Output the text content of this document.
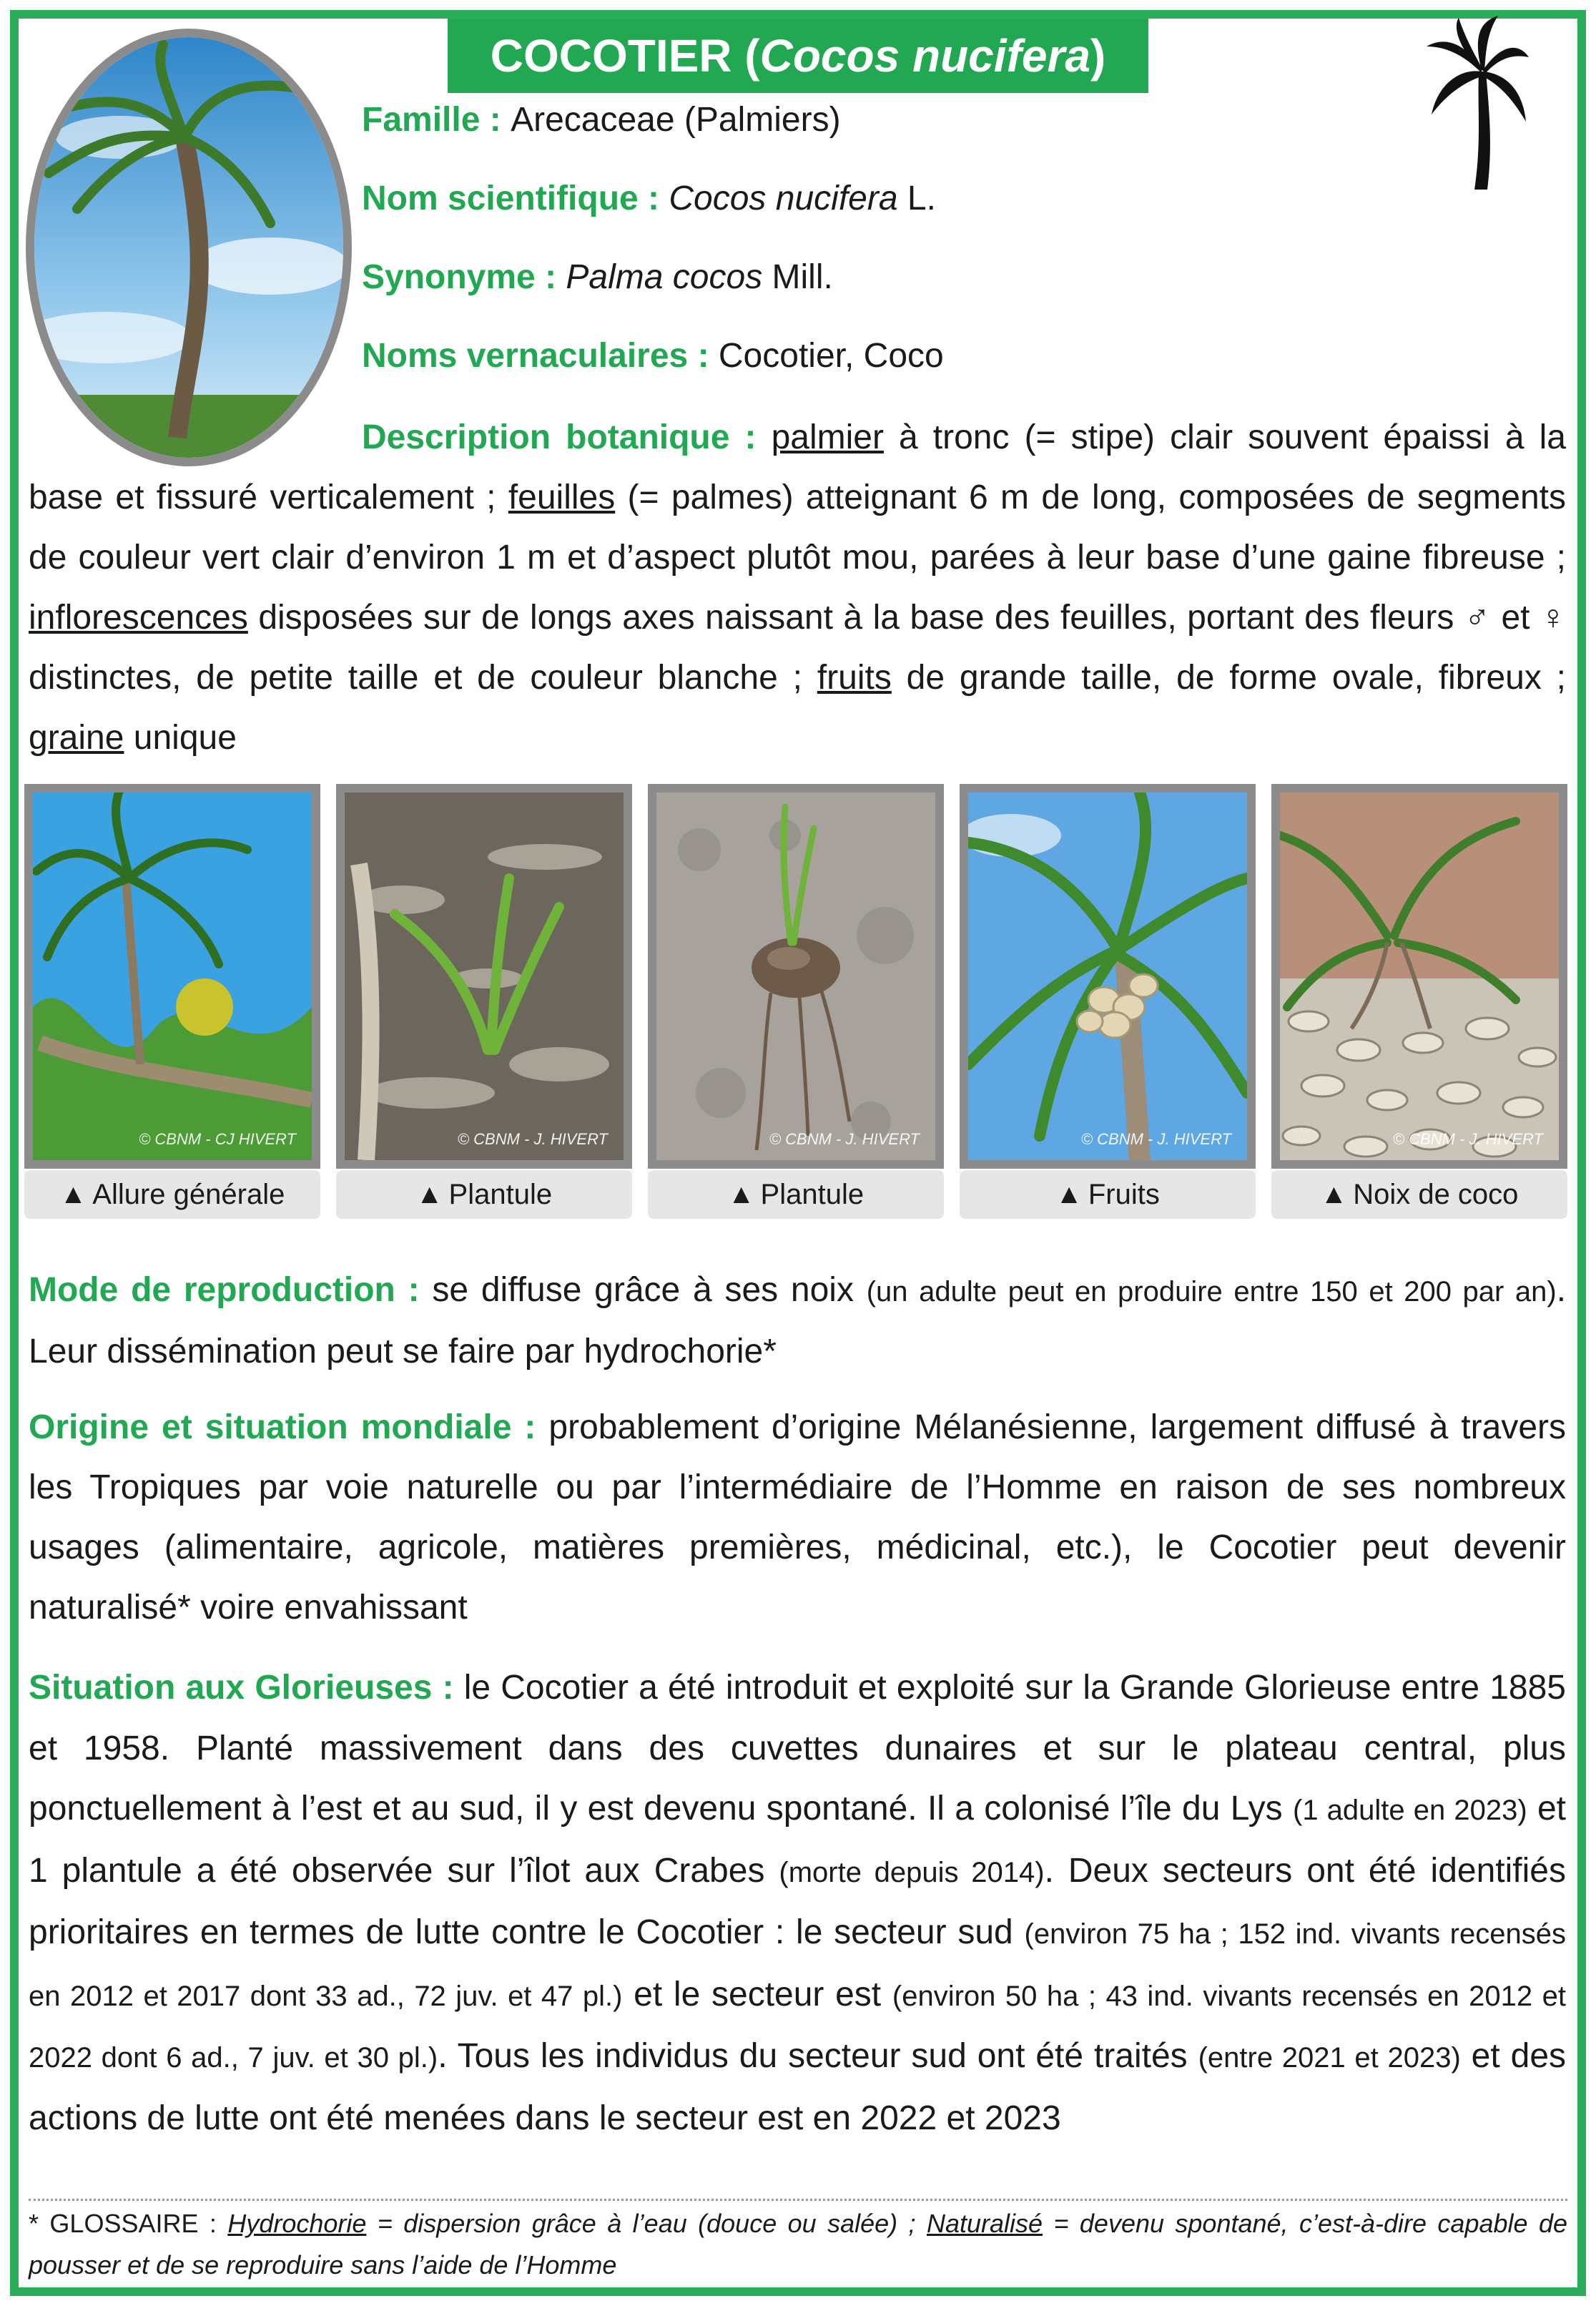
COCOTIER ( Cocos nucifera )
Famille : Arecaceae (Palmiers)
Nom scientifique : Cocos nucifera L.
Synonyme : Palma cocos Mill.
Noms vernaculaires : Cocotier, Coco
Description botanique : palmier à tronc (= stipe) clair souvent épaissi à la base et fissuré verticalement ; feuilles (= palmes) atteignant 6 m de long, composées de segments de couleur vert clair d’environ 1 m et d’aspect plutôt mou, parées à leur base d’une gaine fibreuse ; inflorescences disposées sur de longs axes naissant à la base des feuilles, portant des fleurs ♂ et ♀ distinctes, de petite taille et de couleur blanche ; fruits de grande taille, de forme ovale, fibreux ; graine unique
© CBNM - CJ HIVERT	© CBNM - J. HIVERT	© CBNM - J. HIVERT	© CBNM - J. HIVERT	© CBNM - J. HIVERT
▲ Allure générale	▲ Plantule	▲ Plantule	▲ Fruits	▲ Noix de coco
Mode de reproduction : se diffuse grâce à ses noix (un adulte peut en produire entre 150 et 200 par an). Leur dissémination peut se faire par hydrochorie*
Origine et situation mondiale : probablement d’origine Mélanésienne, largement diffusé à travers les Tropiques par voie naturelle ou par l’intermédiaire de l’Homme en raison de ses nombreux usages (alimentaire, agricole, matières premières, médicinal, etc.), le Cocotier peut devenir naturalisé* voire envahissant
Situation aux Glorieuses : le Cocotier a été introduit et exploité sur la Grande Glorieuse entre 1885 et 1958. Planté massivement dans des cuvettes dunaires et sur le plateau central, plus ponctuellement à l’est et au sud, il y est devenu spontané. Il a colonisé l’île du Lys (1 adulte en 2023) et 1 plantule a été observée sur l’îlot aux Crabes (morte depuis 2014). Deux secteurs ont été identifiés prioritaires en termes de lutte contre le Cocotier : le secteur sud (environ 75 ha ; 152 ind. vivants recensés en 2012 et 2017 dont 33 ad., 72 juv. et 47 pl.) et le secteur est (environ 50 ha ; 43 ind. vivants recensés en 2012 et 2022 dont 6 ad., 7 juv. et 30 pl.). Tous les individus du secteur sud ont été traités (entre 2021 et 2023) et des actions de lutte ont été menées dans le secteur est en 2022 et 2023
* GLOSSAIRE : Hydrochorie = dispersion grâce à l’eau (douce ou salée) ; Naturalisé = devenu spontané, c’est-à-dire capable de pousser et de se reproduire sans l’aide de l’Homme
